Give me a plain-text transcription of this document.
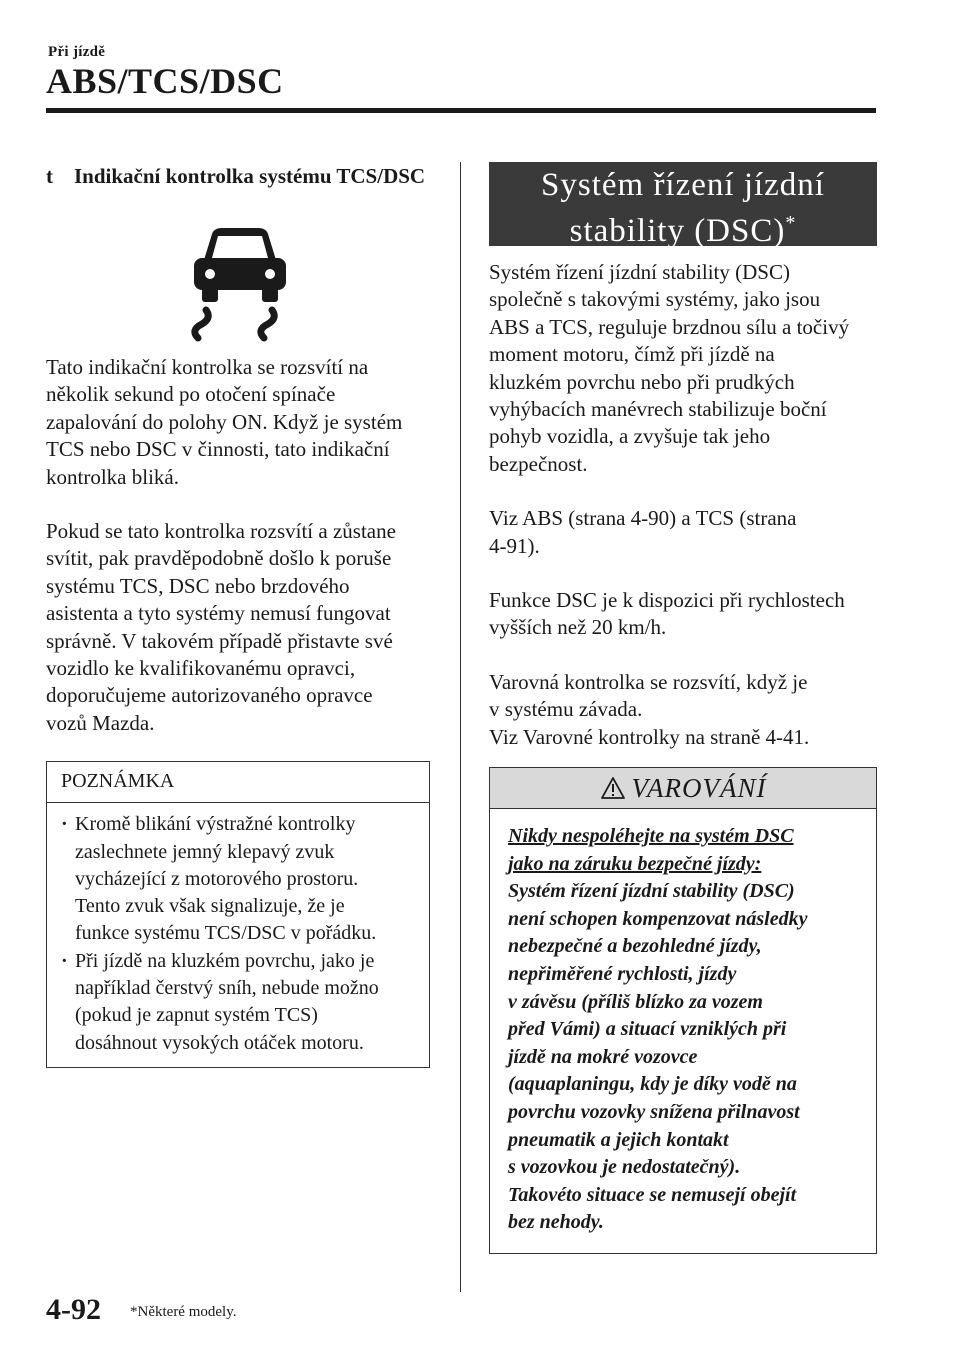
Při jízdě
ABS/TCS/DSC
t Indikační kontrolka systému TCS/DSC

Tato indikační kontrolka se rozsvítí na
několik sekund po otočení spínače
zapalování do polohy ON. Když je systém
TCS nebo DSC v činnosti, tato indikační
kontrolka bliká.

Pokud se tato kontrolka rozsvítí a zůstane
svítit, pak pravděpodobně došlo k poruše
systému TCS, DSC nebo brzdového
asistenta a tyto systémy nemusí fungovat
správně. V takovém případě přistavte své
vozidlo ke kvalifikovanému opravci,
doporučujeme autorizovaného opravce
vozů Mazda.

POZNÁMKA
· Kromě blikání výstražné kontrolky
zaslechnete jemný klepavý zvuk
vycházející z motorového prostoru.
Tento zvuk však signalizuje, že je
funkce systému TCS/DSC v pořádku.
· Při jízdě na kluzkém povrchu, jako je
například čerstvý sníh, nebude možno
(pokud je zapnut systém TCS)
dosáhnout vysokých otáček motoru.
Systém řízení jízdní
stability (DSC)*

Systém řízení jízdní stability (DSC)
společně s takovými systémy, jako jsou
ABS a TCS, reguluje brzdnou sílu a točivý
moment motoru, čímž při jízdě na
kluzkém povrchu nebo při prudkých
vyhýbacích manévrech stabilizuje boční
pohyb vozidla, a zvyšuje tak jeho
bezpečnost.

Viz ABS (strana 4-90) a TCS (strana
4-91).

Funkce DSC je k dispozici při rychlostech
vyšších než 20 km/h.

Varovná kontrolka se rozsvítí, když je
v systému závada.
Viz Varovné kontrolky na straně 4-41.

VAROVÁNÍ
Nikdy nespoléhejte na systém DSC
jako na záruku bezpečné jízdy:
Systém řízení jízdní stability (DSC)
není schopen kompenzovat následky
nebezpečné a bezohledné jízdy,
nepřiměřené rychlosti, jízdy
v závěsu (příliš blízko za vozem
před Vámi) a situací vzniklých při
jízdě na mokré vozovce
(aquaplaningu, kdy je díky vodě na
povrchu vozovky snížena přilnavost
pneumatik a jejich kontakt
s vozovkou je nedostatečný).
Takovéto situace se nemusejí obejít
bez nehody.
4-92 *Některé modely.
